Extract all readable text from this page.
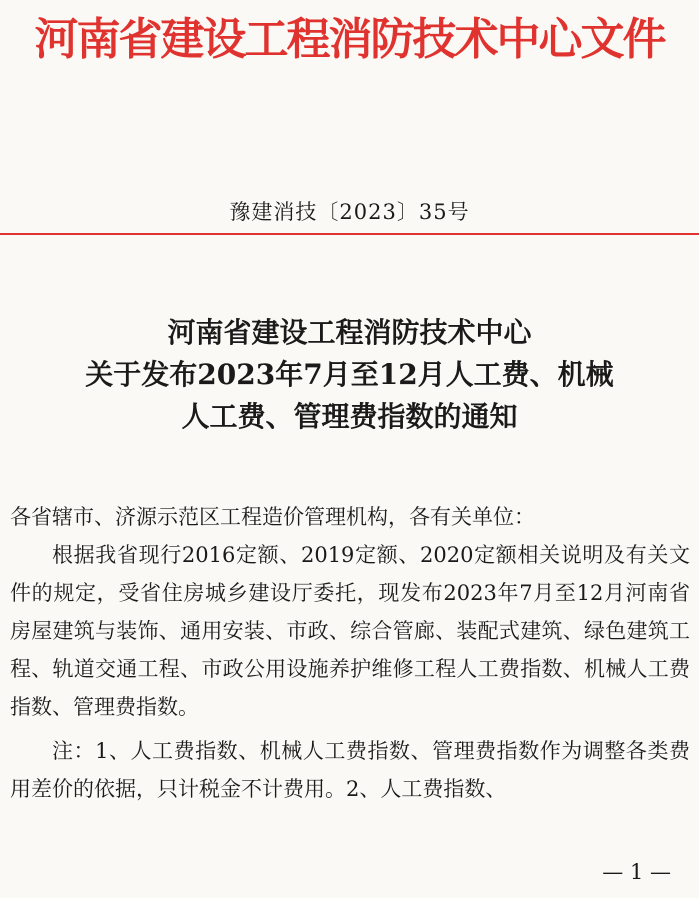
河南省建设工程消防技术中心文件
豫建消技〔2023〕35号
河南省建设工程消防技术中心
关于发布2023年7月至12月人工费、机械
人工费、管理费指数的通知

各省辖市、济源示范区工程造价管理机构，各有关单位：

根据我省现行2016定额、2019定额、2020定额相关说明及有关文件的规定，受省住房城乡建设厅委托，现发布2023年7月至12月河南省房屋建筑与装饰、通用安装、市政、综合管廊、装配式建筑、绿色建筑工程、轨道交通工程、市政公用设施养护维修工程人工费指数、机械人工费指数、管理费指数。

注：1、人工费指数、机械人工费指数、管理费指数作为调整各类费用差价的依据，只计税金不计费用。2、人工费指数、

— 1 —
